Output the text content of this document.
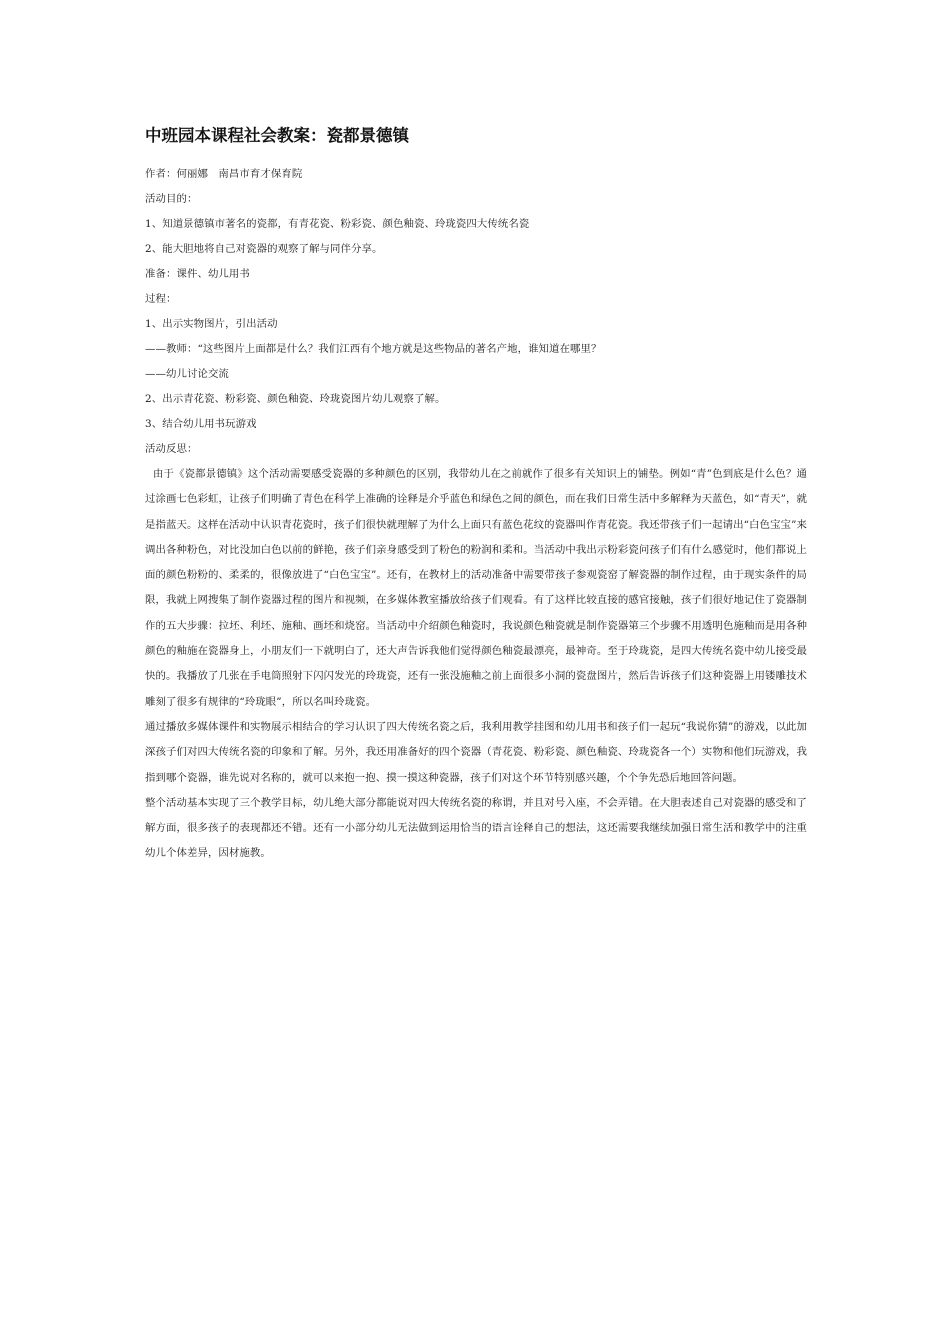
中班园本课程社会教案：瓷都景德镇

作者：何丽娜　南昌市育才保育院

活动目的：

1、知道景德镇市著名的瓷都，有青花瓷、粉彩瓷、颜色釉瓷、玲珑瓷四大传统名瓷

2、能大胆地将自己对瓷器的观察了解与同伴分享。

准备：课件、幼儿用书

过程：

1、出示实物图片，引出活动

——教师：“这些图片上面都是什么？我们江西有个地方就是这些物品的著名产地，谁知道在哪里？

——幼儿讨论交流

2、出示青花瓷、粉彩瓷、颜色釉瓷、玲珑瓷图片幼儿观察了解。

3、结合幼儿用书玩游戏

活动反思：

由于《瓷都景德镇》这个活动需要感受瓷器的多种颜色的区别，我带幼儿在之前就作了很多有关知识上的铺垫。例如“青”色到底是什么色？通过涂画七色彩虹，让孩子们明确了青色在科学上准确的诠释是介乎蓝色和绿色之间的颜色，而在我们日常生活中多解释为天蓝色，如“青天”，就是指蓝天。这样在活动中认识青花瓷时，孩子们很快就理解了为什么上面只有蓝色花纹的瓷器叫作青花瓷。我还带孩子们一起请出“白色宝宝”来调出各种粉色，对比没加白色以前的鲜艳，孩子们亲身感受到了粉色的粉润和柔和。当活动中我出示粉彩瓷问孩子们有什么感觉时，他们都说上面的颜色粉粉的、柔柔的，很像放进了“白色宝宝”。还有，在教材上的活动准备中需要带孩子参观瓷窑了解瓷器的制作过程，由于现实条件的局限，我就上网搜集了制作瓷器过程的图片和视频，在多媒体教室播放给孩子们观看。有了这样比较直接的感官接触，孩子们很好地记住了瓷器制作的五大步骤：拉坯、利坯、施釉、画坯和烧窑。当活动中介绍颜色釉瓷时，我说颜色釉瓷就是制作瓷器第三个步骤不用透明色施釉而是用各种颜色的釉施在瓷器身上，小朋友们一下就明白了，还大声告诉我他们觉得颜色釉瓷最漂亮，最神奇。至于玲珑瓷，是四大传统名瓷中幼儿接受最快的。我播放了几张在手电筒照射下闪闪发光的玲珑瓷，还有一张没施釉之前上面很多小洞的瓷盘图片，然后告诉孩子们这种瓷器上用镂雕技术雕刻了很多有规律的“玲珑眼”，所以名叫玲珑瓷。

通过播放多媒体课件和实物展示相结合的学习认识了四大传统名瓷之后，我利用教学挂图和幼儿用书和孩子们一起玩“我说你猜”的游戏，以此加深孩子们对四大传统名瓷的印象和了解。另外，我还用准备好的四个瓷器（青花瓷、粉彩瓷、颜色釉瓷、玲珑瓷各一个）实物和他们玩游戏，我指到哪个瓷器，谁先说对名称的，就可以来抱一抱、摸一摸这种瓷器，孩子们对这个环节特别感兴趣，个个争先恐后地回答问题。

整个活动基本实现了三个教学目标，幼儿绝大部分都能说对四大传统名瓷的称谓，并且对号入座，不会弄错。在大胆表述自己对瓷器的感受和了解方面，很多孩子的表现都还不错。还有一小部分幼儿无法做到运用恰当的语言诠释自己的想法，这还需要我继续加强日常生活和教学中的注重幼儿个体差异，因材施教。
